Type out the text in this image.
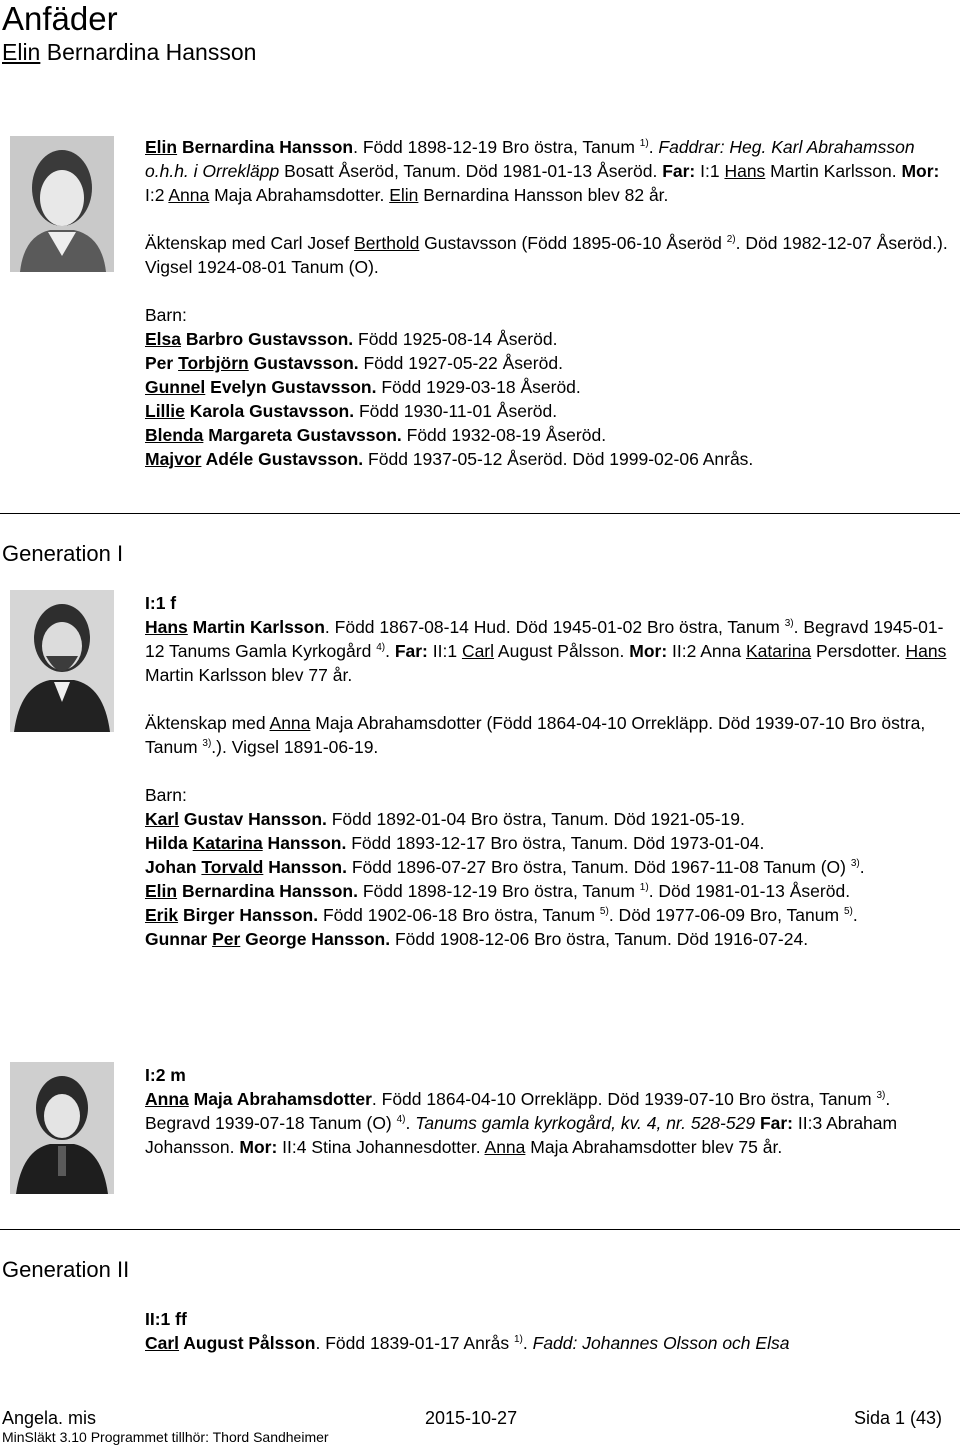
Anfäder
Elin Bernardina Hansson

Elin Bernardina Hansson. Född 1898-12-19 Bro östra, Tanum $^{1)}$. Faddrar: Heg. Karl Abrahamsson o.h.h. i Orrekläpp Bosatt Åseröd, Tanum. Död 1981-01-13 Åseröd. Far: I:1 Hans Martin Karlsson. Mor: I:2 Anna Maja Abrahamsdotter. Elin Bernardina Hansson blev 82 år.

Äktenskap med Carl Josef Berthold Gustavsson (Född 1895-06-10 Åseröd $^{2)}$. Död 1982-12-07 Åseröd.). Vigsel 1924-08-01 Tanum (O).

Barn:

Elsa Barbro Gustavsson. Född 1925-08-14 Åseröd.

Per Torbjörn Gustavsson. Född 1927-05-22 Åseröd.

Gunnel Evelyn Gustavsson. Född 1929-03-18 Åseröd.

Lillie Karola Gustavsson. Född 1930-11-01 Åseröd.

Blenda Margareta Gustavsson. Född 1932-08-19 Åseröd.

Majvor Adéle Gustavsson. Född 1937-05-12 Åseröd. Död 1999-02-06 Anrås.

Generation I

I:1 f

Hans Martin Karlsson. Född 1867-08-14 Hud. Död 1945-01-02 Bro östra, Tanum $^{3)}$. Begravd 1945-01-12 Tanums Gamla Kyrkogård $^{4)}$. Far: II:1 Carl August Pålsson. Mor: II:2 Anna Katarina Persdotter. Hans Martin Karlsson blev 77 år.

Äktenskap med Anna Maja Abrahamsdotter (Född 1864-04-10 Orrekläpp. Död 1939-07-10 Bro östra, Tanum $^{3)}$.). Vigsel 1891-06-19.

Barn:

Karl Gustav Hansson. Född 1892-01-04 Bro östra, Tanum. Död 1921-05-19.

Hilda Katarina Hansson. Född 1893-12-17 Bro östra, Tanum. Död 1973-01-04.

Johan Torvald Hansson. Född 1896-07-27 Bro östra, Tanum. Död 1967-11-08 Tanum (O) $^{3)}$.

Elin Bernardina Hansson. Född 1898-12-19 Bro östra, Tanum $^{1)}$. Död 1981-01-13 Åseröd.

Erik Birger Hansson. Född 1902-06-18 Bro östra, Tanum $^{5)}$. Död 1977-06-09 Bro, Tanum $^{5)}$.

Gunnar Per George Hansson. Född 1908-12-06 Bro östra, Tanum. Död 1916-07-24.

I:2 m

Anna Maja Abrahamsdotter. Född 1864-04-10 Orrekläpp. Död 1939-07-10 Bro östra, Tanum $^{3)}$. Begravd 1939-07-18 Tanum (O) $^{4)}$. Tanums gamla kyrkogård, kv. 4, nr. 528-529 Far: II:3 Abraham Johansson. Mor: II:4 Stina Johannesdotter. Anna Maja Abrahamsdotter blev 75 år.

Generation II

II:1 ff

Carl August Pålsson. Född 1839-01-17 Anrås $^{1)}$. Fadd: Johannes Olsson och Elsa

Angela. mis	2015-10-27	Sida 1 (43)
MinSläkt 3.10 Programmet tillhör: Thord Sandheimer
